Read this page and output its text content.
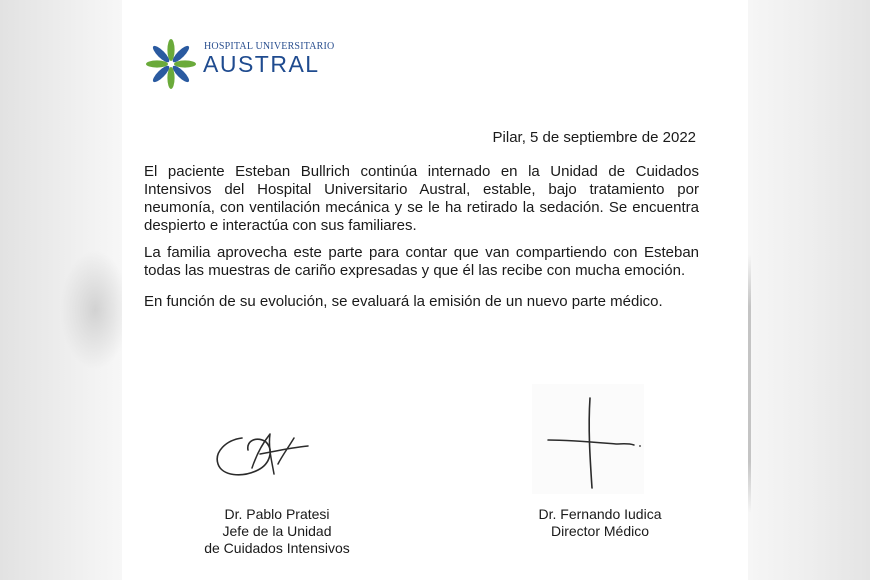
HOSPITAL UNIVERSITARIO
AUSTRAL
Pilar, 5 de septiembre de 2022
El paciente Esteban Bullrich continúa internado en la Unidad de Cuidados Intensivos del Hospital Universitario Austral, estable, bajo tratamiento por neumonía, con ventilación mecánica y se le ha retirado la sedación. Se encuentra despierto e interactúa con sus familiares.
La familia aprovecha este parte para contar que van compartiendo con Esteban todas las muestras de cariño expresadas y que él las recibe con mucha emoción.
En función de su evolución, se evaluará la emisión de un nuevo parte médico.
Dr. Pablo Pratesi
Jefe de la Unidad
de Cuidados Intensivos
Dr. Fernando Iudica
Director Médico
